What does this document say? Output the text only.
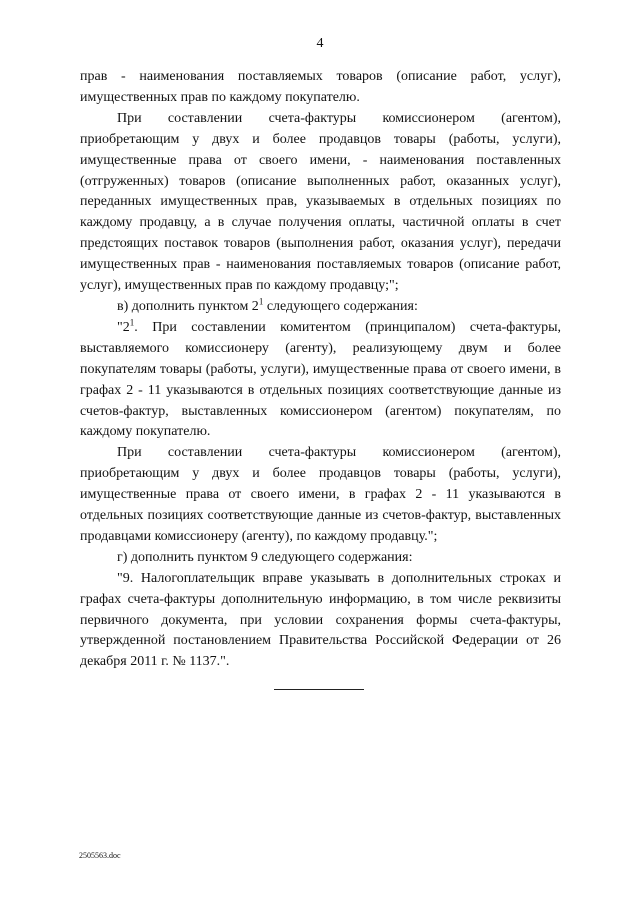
4

прав - наименования поставляемых товаров (описание работ, услуг), имущественных прав по каждому покупателю.

При составлении счета-фактуры комиссионером (агентом), приобретающим у двух и более продавцов товары (работы, услуги), имущественные права от своего имени, - наименования поставленных (отгруженных) товаров (описание выполненных работ, оказанных услуг), переданных имущественных прав, указываемых в отдельных позициях по каждому продавцу, а в случае получения оплаты, частичной оплаты в счет предстоящих поставок товаров (выполнения работ, оказания услуг), передачи имущественных прав - наименования поставляемых товаров (описание работ, услуг), имущественных прав по каждому продавцу;";

в) дополнить пунктом $2^1$ следующего содержания:

"$2^1$. При составлении комитентом (принципалом) счета-фактуры, выставляемого комиссионеру (агенту), реализующему двум и более покупателям товары (работы, услуги), имущественные права от своего имени, в графах 2 - 11 указываются в отдельных позициях соответствующие данные из счетов-фактур, выставленных комиссионером (агентом) покупателям, по каждому покупателю.

При составлении счета-фактуры комиссионером (агентом), приобретающим у двух и более продавцов товары (работы, услуги), имущественные права от своего имени, в графах 2 - 11 указываются в отдельных позициях соответствующие данные из счетов-фактур, выставленных продавцами комиссионеру (агенту), по каждому продавцу.";

г) дополнить пунктом 9 следующего содержания:

"9. Налогоплательщик вправе указывать в дополнительных строках и графах счета-фактуры дополнительную информацию, в том числе реквизиты первичного документа, при условии сохранения формы счета-фактуры, утвержденной постановлением Правительства Российской Федерации от 26 декабря 2011 г. № 1137.".

2505563.doc
